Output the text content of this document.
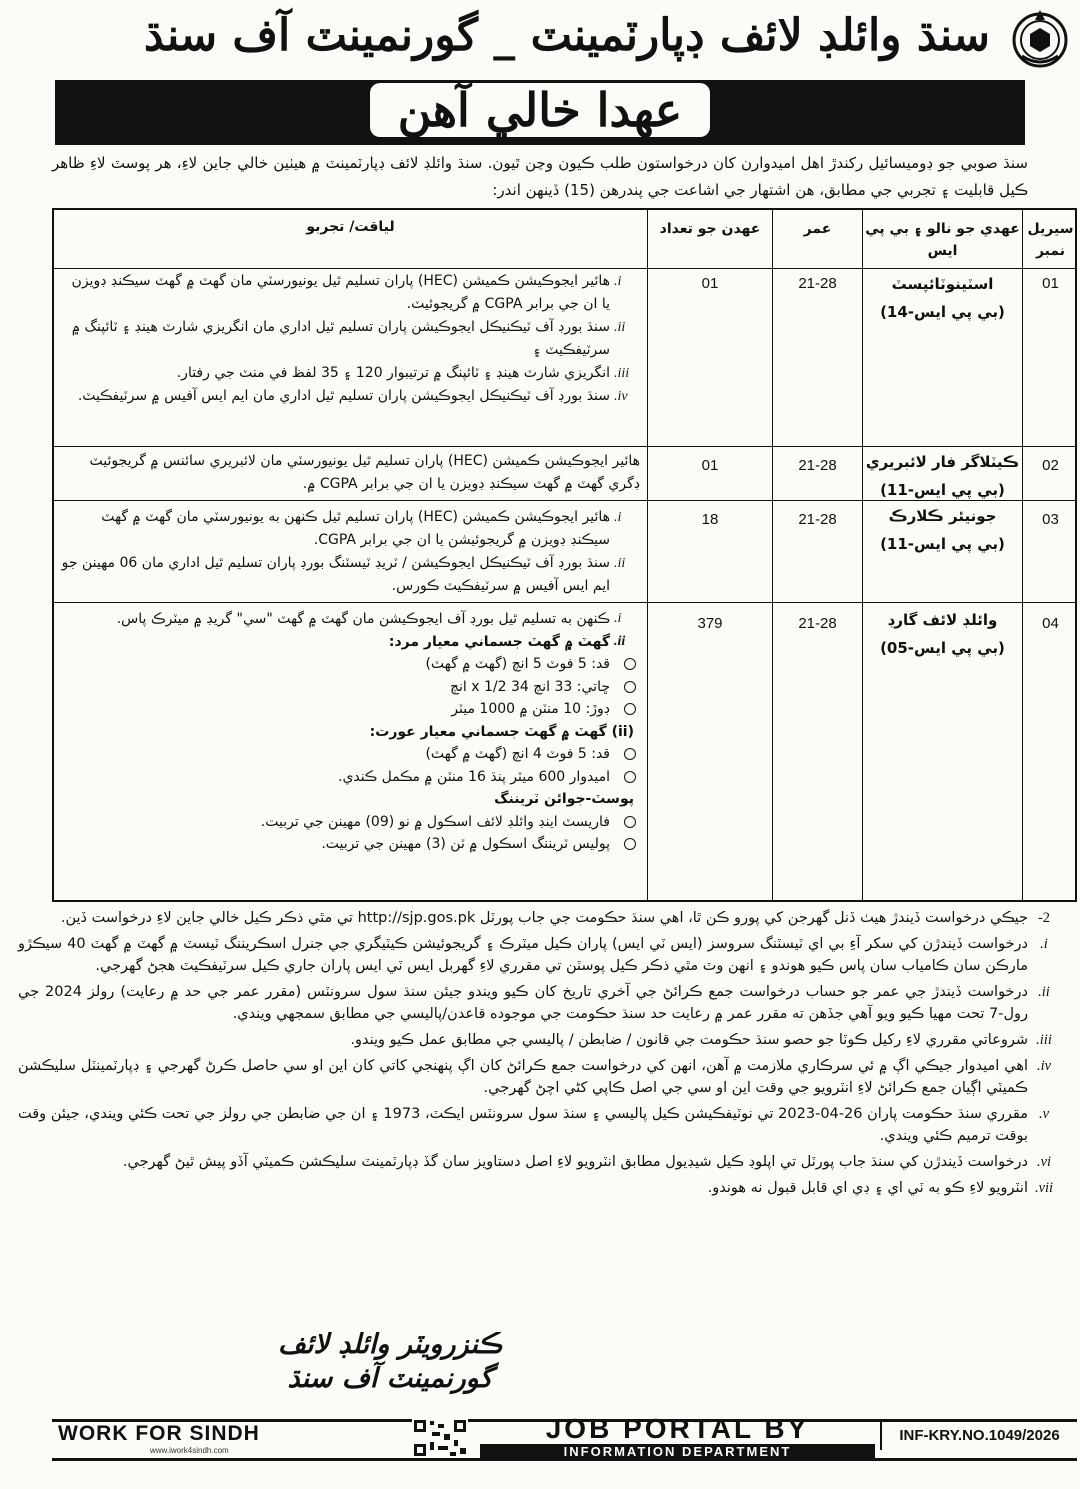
سنڌ وائلڊ لائف ڊپارٽمينٽ _ گورنمينٽ آف سنڌ
عهدا خالي آهن
سنڌ صوبي جو ڊوميسائيل رکندڙ اهل اميدوارن کان درخواستون طلب ڪيون وڃن ٿيون. سنڌ وائلڊ لائف ڊپارٽمينٽ ۾ هيٺين خالي جاين لاءِ، هر پوسٽ لاءِ ظاهر ڪيل قابليت ۽ تجربي جي مطابق، هن اشتهار جي اشاعت جي پندرهن (15) ڏينهن اندر:
سيريل نمبر
عهدي جو نالو ۽ بي پي ايس
عمر
عهدن جو تعداد
لياقت/ تجربو
01
اسٽينوٽائپسٽ
(بي پي ايس-14)
21-28
01

i.
هائير ايجوڪيشن ڪميشن (HEC) پاران تسليم ٿيل يونيورسٽي مان گهٽ ۾ گهٽ سيڪنڊ ڊويزن يا ان جي برابر CGPA ۾ گريجوئيٽ.

ii.
سنڌ بورڊ آف ٽيڪنيڪل ايجوڪيشن پاران تسليم ٿيل اداري مان انگريزي شارٽ هينڊ ۽ ٽائپنگ ۾ سرٽيفڪيٽ ۽

iii.
انگريزي شارٽ هينڊ ۽ ٽائپنگ ۾ ترتيبوار 120 ۽ 35 لفظ في منٽ جي رفتار.

iv.
سنڌ بورڊ آف ٽيڪنيڪل ايجوڪيشن پاران تسليم ٿيل اداري مان ايم ايس آفيس ۾ سرٽيفڪيٽ.

02
ڪيٽلاگر فار لائبريري
(بي پي ايس-11)
21-28
01

هائير ايجوڪيشن ڪميشن (HEC) پاران تسليم ٿيل يونيورسٽي مان لائبريري سائنس ۾ گريجوئيٽ ڊگري گهٽ ۾ گهٽ سيڪنڊ ڊويزن يا ان جي برابر CGPA ۾.

03
جونيئر ڪلارڪ
(بي پي ايس-11)
21-28
18

i.
هائير ايجوڪيشن ڪميشن (HEC) پاران تسليم ٿيل ڪنهن به يونيورسٽي مان گهٽ ۾ گهٽ سيڪنڊ ڊويزن ۾ گريجوئيشن يا ان جي برابر CGPA.

ii.
سنڌ بورڊ آف ٽيڪنيڪل ايجوڪيشن / ٽريڊ ٽيسٽنگ بورڊ پاران تسليم ٿيل اداري مان 06 مهينن جو ايم ايس آفيس ۾ سرٽيفڪيٽ ڪورس.

04
وائلڊ لائف گارڊ
(بي پي ايس-05)
21-28
379

i.
ڪنهن به تسليم ٿيل بورڊ آف ايجوڪيشن مان گهٽ ۾ گهٽ "سي" گريڊ ۾ ميٽرڪ پاس.

ii.
گهٽ ۾ گهٽ جسماني معيار مرد:

قد: 5 فوٽ 5 انچ (گهٽ ۾ گهٽ)

ڇاتي: 33 انچ x 1/2 34 انچ

ڊوڙ: 10 منٽن ۾ 1000 ميٽر

(ii) گهٽ ۾ گهٽ جسماني معيار عورت:

قد: 5 فوٽ 4 انچ (گهٽ ۾ گهٽ)

اميدوار 600 ميٽر پنڌ 16 منٽن ۾ مڪمل ڪندي.

پوسٽ-جوائن ٽريننگ

فاريسٽ اينڊ وائلڊ لائف اسڪول ۾ نو (09) مهينن جي تربيت.

پوليس ٽريننگ اسڪول ۾ ٽن (3) مهينن جي تربيت.

2-
جيڪي درخواست ڏيندڙ هيٺ ڏنل گهرجن کي پورو ڪن ٿا، اهي سنڌ حڪومت جي جاب پورٽل http://sjp.gos.pk تي مٿي ذڪر ڪيل خالي جاين لاءِ درخواست ڏين.
i.
درخواست ڏيندڙن کي سکر آءِ بي اي ٽيسٽنگ سروسز (ايس ٽي ايس) پاران ڪيل ميٽرڪ ۽ گريجوئيشن ڪيٽيگري جي جنرل اسڪريننگ ٽيسٽ ۾ گهٽ ۾ گهٽ 40 سيڪڙو مارڪن سان ڪامياب سان پاس ڪيو هوندو ۽ انهن وٽ مٿي ذڪر ڪيل پوسٽن تي مقرري لاءِ گهربل ايس ٽي ايس پاران جاري ڪيل سرٽيفڪيٽ هجڻ گهرجي.
ii.
درخواست ڏيندڙ جي عمر جو حساب درخواست جمع ڪرائڻ جي آخري تاريخ کان ڪيو ويندو جيئن سنڌ سول سرونٽس (مقرر عمر جي حد ۾ رعايت) رولز 2024 جي رول-7 تحت مهيا ڪيو ويو آهي جڏهن ته مقرر عمر ۾ رعايت حد سنڌ حڪومت جي موجوده قاعدن/پاليسي جي مطابق سمجهي ويندي.
iii.
شروعاتي مقرري لاءِ رکيل ڪوٽا جو حصو سنڌ حڪومت جي قانون / ضابطن / پاليسي جي مطابق عمل ڪيو ويندو.
iv.
اهي اميدوار جيڪي اڳ ۾ ئي سرڪاري ملازمت ۾ آهن، انهن کي درخواست جمع ڪرائڻ کان اڳ پنهنجي کاتي کان اين او سي حاصل ڪرڻ گهرجي ۽ ڊپارٽمينٽل سليڪشن ڪميٽي اڳيان جمع ڪرائڻ لاءِ انٽرويو جي وقت اين او سي جي اصل ڪاپي کڻي اچڻ گهرجي.
v.
مقرري سنڌ حڪومت پاران 26-04-2023 تي نوٽيفڪيشن ڪيل پاليسي ۽ سنڌ سول سرونٽس ايڪٽ، 1973 ۽ ان جي ضابطن جي رولز جي تحت ڪئي ويندي، جيئن وقت بوقت ترميم ڪئي ويندي.
vi.
درخواست ڏيندڙن کي سنڌ جاب پورٽل تي اپلوڊ ڪيل شيڊيول مطابق انٽرويو لاءِ اصل دستاويز سان گڏ ڊپارٽمينٽ سليڪشن ڪميٽي آڏو پيش ٿيڻ گهرجي.
vii.
انٽرويو لاءِ ڪو به ٽي اي ۽ ڊي اي قابل قبول نه هوندو.
ڪنزرويٽر وائلڊ لائف
گورنمينٽ آف سنڌ
WORK FOR SINDH
www.iwork4sindh.com
JOB PORTAL BY
INFORMATION DEPARTMENT
INF-KRY.NO.1049/2026
